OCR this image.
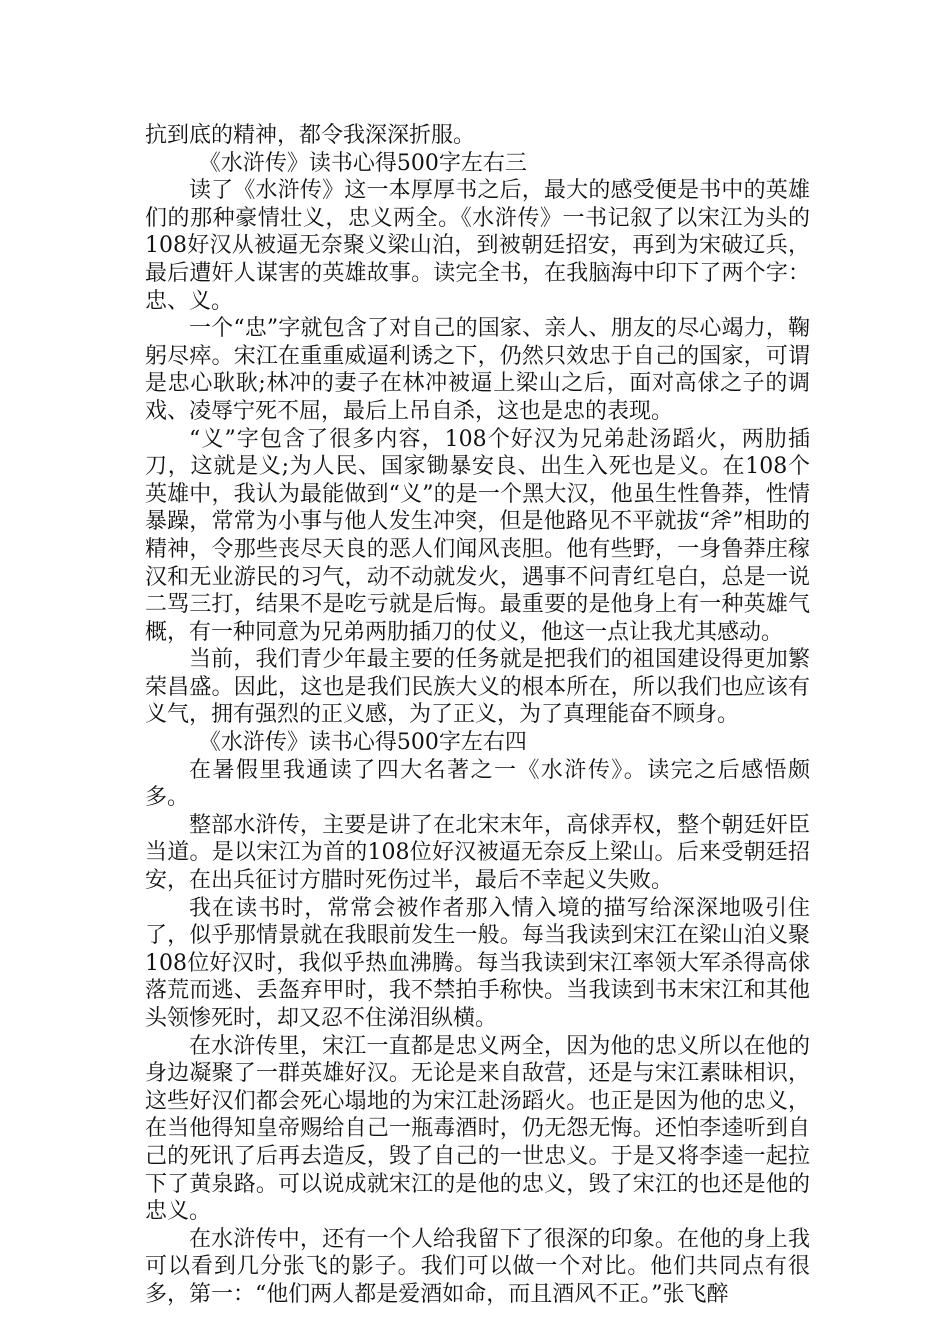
抗到底的精神，都令我深深折服。

《水浒传》读书心得500字左右三

读了《水浒传》这一本厚厚书之后，最大的感受便是书中的英雄们的那种豪情壮义，忠义两全。《水浒传》一书记叙了以宋江为头的108好汉从被逼无奈聚义梁山泊，到被朝廷招安，再到为宋破辽兵，最后遭奸人谋害的英雄故事。读完全书，在我脑海中印下了两个字：忠、义。

一个“忠”字就包含了对自己的国家、亲人、朋友的尽心竭力，鞠躬尽瘁。宋江在重重威逼利诱之下，仍然只效忠于自己的国家，可谓是忠心耿耿;林冲的妻子在林冲被逼上梁山之后，面对高俅之子的调戏、凌辱宁死不屈，最后上吊自杀，这也是忠的表现。

“义”字包含了很多内容，108个好汉为兄弟赴汤蹈火，两肋插刀，这就是义;为人民、国家锄暴安良、出生入死也是义。在108个英雄中，我认为最能做到“义”的是一个黑大汉，他虽生性鲁莽，性情暴躁，常常为小事与他人发生冲突，但是他路见不平就拔“斧”相助的精神，令那些丧尽天良的恶人们闻风丧胆。他有些野，一身鲁莽庄稼汉和无业游民的习气，动不动就发火，遇事不问青红皂白，总是一说二骂三打，结果不是吃亏就是后悔。最重要的是他身上有一种英雄气概，有一种同意为兄弟两肋插刀的仗义，他这一点让我尤其感动。

当前，我们青少年最主要的任务就是把我们的祖国建设得更加繁荣昌盛。因此，这也是我们民族大义的根本所在，所以我们也应该有义气，拥有强烈的正义感，为了正义，为了真理能奋不顾身。

《水浒传》读书心得500字左右四

在暑假里我通读了四大名著之一《水浒传》。读完之后感悟颇多。

整部水浒传，主要是讲了在北宋末年，高俅弄权，整个朝廷奸臣当道。是以宋江为首的108位好汉被逼无奈反上梁山。后来受朝廷招安，在出兵征讨方腊时死伤过半，最后不幸起义失败。

我在读书时，常常会被作者那入情入境的描写给深深地吸引住了，似乎那情景就在我眼前发生一般。每当我读到宋江在梁山泊义聚108位好汉时，我似乎热血沸腾。每当我读到宋江率领大军杀得高俅落荒而逃、丢盔弃甲时，我不禁拍手称快。当我读到书末宋江和其他头领惨死时，却又忍不住涕泪纵横。

在水浒传里，宋江一直都是忠义两全，因为他的忠义所以在他的身边凝聚了一群英雄好汉。无论是来自敌营，还是与宋江素昧相识，这些好汉们都会死心塌地的为宋江赴汤蹈火。也正是因为他的忠义，在当他得知皇帝赐给自己一瓶毒酒时，仍无怨无悔。还怕李逵听到自己的死讯了后再去造反，毁了自己的一世忠义。于是又将李逵一起拉下了黄泉路。可以说成就宋江的是他的忠义，毁了宋江的也还是他的忠义。

在水浒传中，还有一个人给我留下了很深的印象。在他的身上我可以看到几分张飞的影子。我们可以做一个对比。他们共同点有很多，第一：“他们两人都是爱酒如命，而且酒风不正。”张飞醉
